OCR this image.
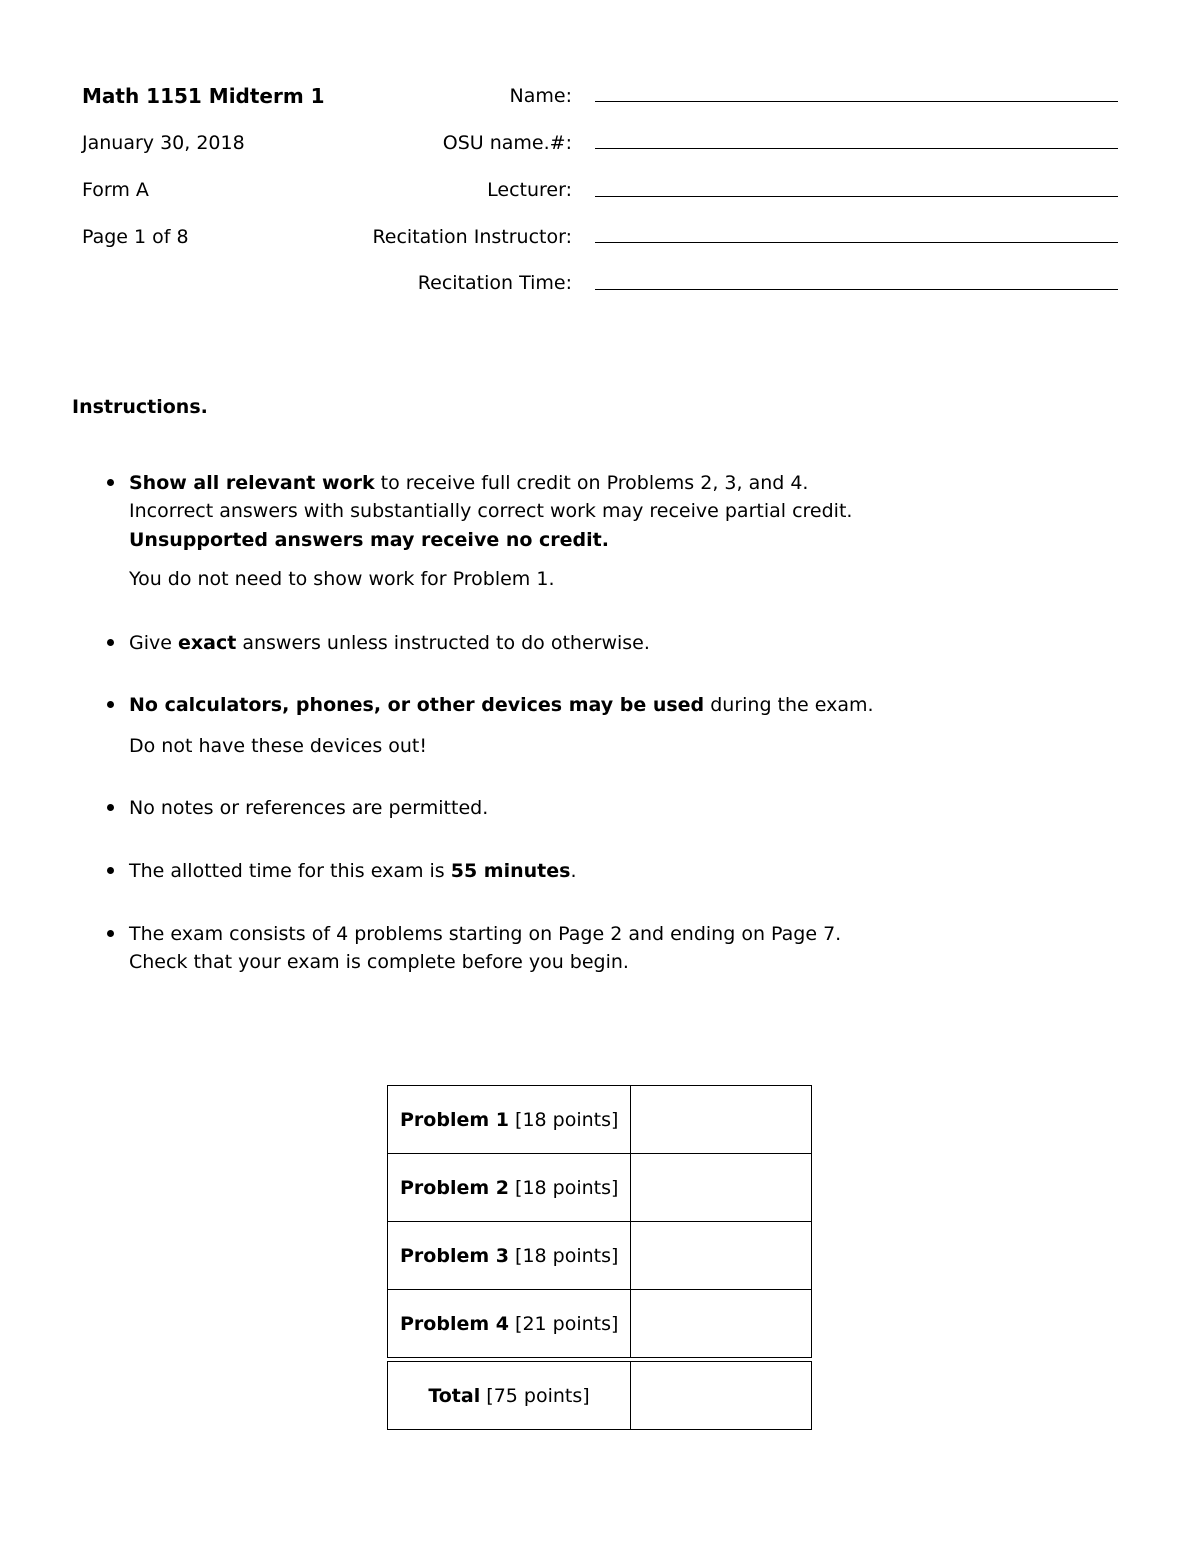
Math 1151 Midterm 1
January 30, 2018
Form A
Page 1 of 8
Name:
OSU name.#:
Lecturer:
Recitation Instructor:
Recitation Time:
Instructions.
Show all relevant work to receive full credit on Problems 2, 3, and 4.
Incorrect answers with substantially correct work may receive partial credit.
Unsupported answers may receive no credit.
You do not need to show work for Problem 1.
Give exact answers unless instructed to do otherwise.
No calculators, phones, or other devices may be used during the exam.
Do not have these devices out!
No notes or references are permitted.
The allotted time for this exam is 55 minutes.
The exam consists of 4 problems starting on Page 2 and ending on Page 7.
Check that your exam is complete before you begin.
Problem 1 [18 points]	
Problem 2 [18 points]	
Problem 3 [18 points]	
Problem 4 [21 points]	

Total [75 points]	
